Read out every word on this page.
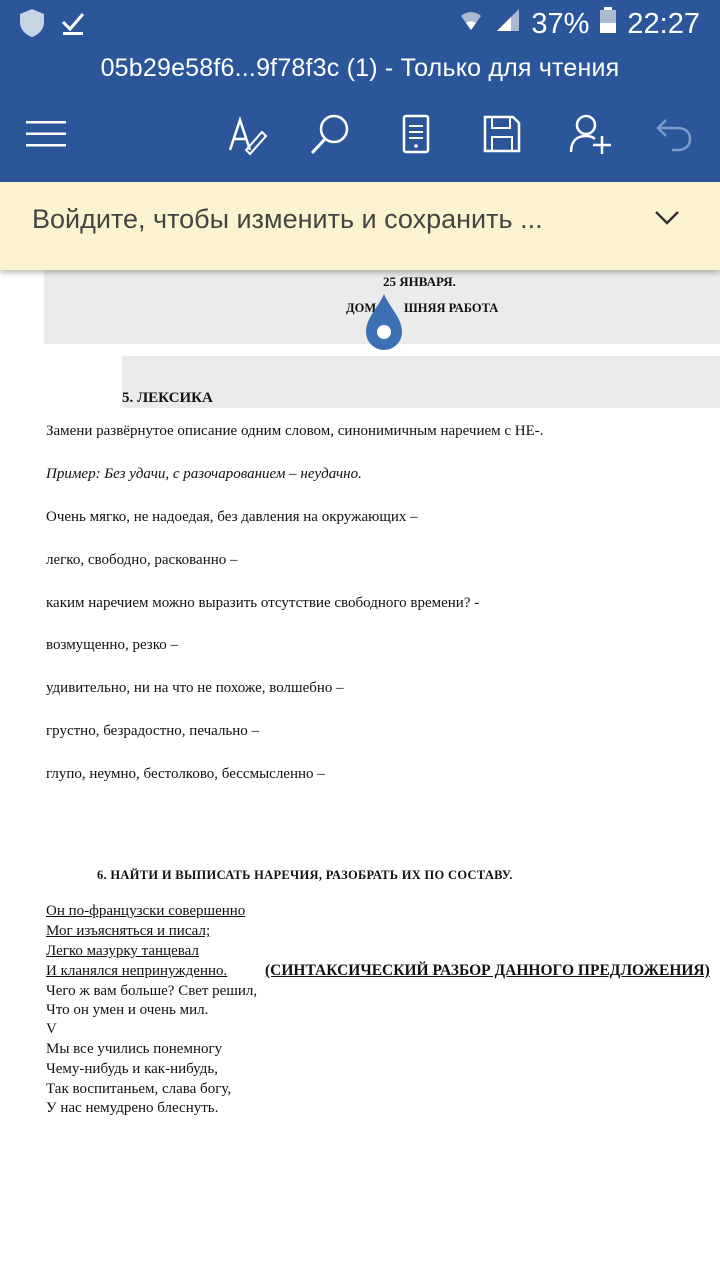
37% 22:27
05b29e58f6...9f78f3c (1) - Только для чтения
Войдите, чтобы изменить и сохранить ...
25 ЯНВАРЯ.
ДОМ ШНЯЯ РАБОТА
5. ЛЕКСИКА
Замени развёрнутое описание одним словом, синонимичным наречием с НЕ-.
Пример: Без удачи, с разочарованием – неудачно.
Очень мягко, не надоедая, без давления на окружающих –
легко, свободно, раскованно –
каким наречием можно выразить отсутствие свободного времени? -
возмущенно, резко –
удивительно, ни на что не похоже, волшебно –
грустно, безрадостно, печально –
глупо, неумно, бестолково, бессмысленно –
6. НАЙТИ И ВЫПИСАТЬ НАРЕЧИЯ, РАЗОБРАТЬ ИХ ПО СОСТАВУ.
Он по-французски совершенно
Мог изъясняться и писал;
Легко мазурку танцевал
И кланялся непринужденно. (СИНТАКСИЧЕСКИЙ РАЗБОР ДАННОГО ПРЕДЛОЖЕНИЯ)
Чего ж вам больше? Свет решил,
Что он умен и очень мил.
V
Мы все учились понемногу
Чему-нибудь и как-нибудь,
Так воспитаньем, слава богу,
У нас немудрено блеснуть.
